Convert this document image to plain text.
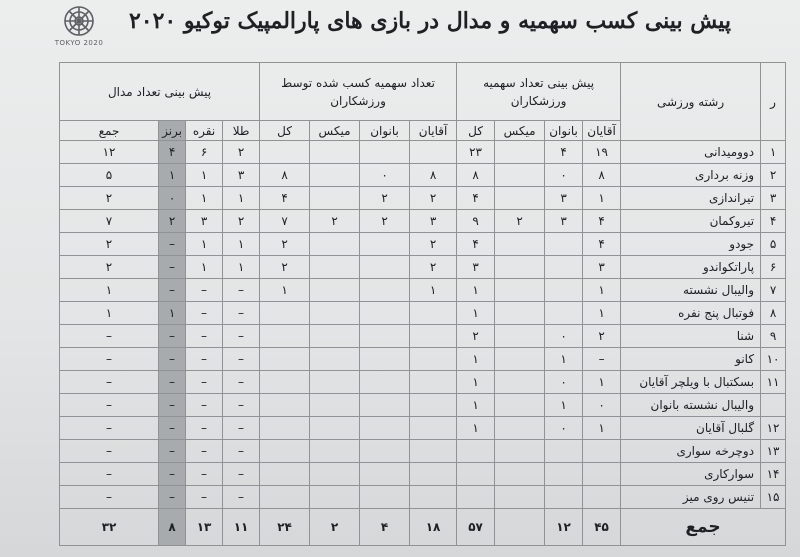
TOKYO 2020
پیش بینی کسب سهمیه و مدال در بازی های پارالمپیک توکیو ۲۰۲۰
ر	رشته ورزشی	پیش بینی تعداد سهمیه ورزشکاران				تعداد سهمیه کسب شده توسط ورزشکاران				پیش بینی تعداد مدال			
		آقایان	بانوان	میکس	کل	آقایان	بانوان	میکس	کل	طلا	نقره	برنز	جمع
۱	دوومیدانی	۱۹	۴		۲۳					۲	۶	۴	۱۲
۲	وزنه برداری	۸	۰		۸	۸	۰		۸	۳	۱	۱	۵
۳	تیراندازی	۱	۳		۴	۲	۲		۴	۱	۱	۰	۲
۴	تیروکمان	۴	۳	۲	۹	۳	۲	۲	۷	۲	۳	۲	۷
۵	جودو	۴			۴	۲			۲	۱	۱	–	۲
۶	پاراتکواندو	۳			۳	۲			۲	۱	۱	–	۲
۷	والیبال نشسته	۱			۱	۱			۱	–	–	–	۱
۸	فوتبال پنج نفره	۱			۱					–	–	۱	۱
۹	شنا	۲	۰		۲					–	–	–	–
۱۰	کانو	–	۱		۱					–	–	–	–
۱۱	بسکتبال با ویلچر آقایان	۱	۰		۱					–	–	–	–
	والیبال نشسته بانوان	۰	۱		۱					–	–	–	–
۱۲	گلبال آقایان	۱	۰		۱					–	–	–	–
۱۳	دوچرخه سواری									–	–	–	–
۱۴	سوارکاری									–	–	–	–
۱۵	تنیس روی میز									–	–	–	–
جمع		۴۵	۱۲		۵۷	۱۸	۴	۲	۲۴	۱۱	۱۳	۸	۳۲
